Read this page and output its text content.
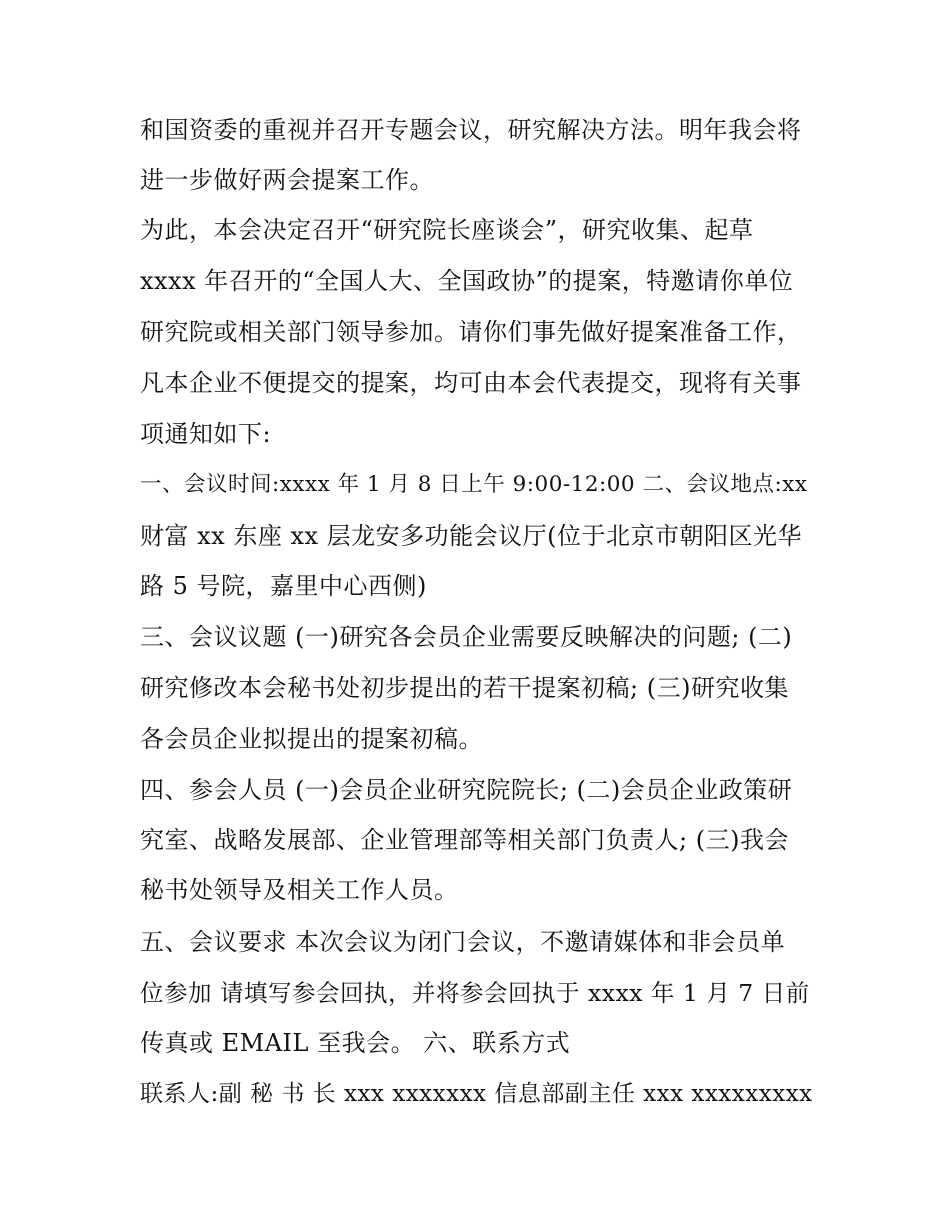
和国资委的重视并召开专题会议，研究解决方法。明年我会将
进一步做好两会提案工作。
为此，本会决定召开“研究院长座谈会”，研究收集、起草
xxxx 年召开的“全国人大、全国政协”的提案，特邀请你单位
研究院或相关部门领导参加。请你们事先做好提案准备工作，
凡本企业不便提交的提案，均可由本会代表提交，现将有关事
项通知如下:
一、会议时间:xxxx 年 1 月 8 日上午 9:00-12:00 二、会议地点:xx
财富 xx 东座 xx 层龙安多功能会议厅(位于北京市朝阳区光华
路 5 号院，嘉里中心西侧)
三、会议议题 (一)研究各会员企业需要反映解决的问题; (二)
研究修改本会秘书处初步提出的若干提案初稿; (三)研究收集
各会员企业拟提出的提案初稿。
四、参会人员 (一)会员企业研究院院长; (二)会员企业政策研
究室、战略发展部、企业管理部等相关部门负责人; (三)我会
秘书处领导及相关工作人员。
五、会议要求 本次会议为闭门会议，不邀请媒体和非会员单
位参加 请填写参会回执，并将参会回执于 xxxx 年 1 月 7 日前
传真或 EMAIL 至我会。 六、联系方式
联系人:副 秘 书 长 xxx xxxxxxx 信息部副主任 xxx xxxxxxxxx
